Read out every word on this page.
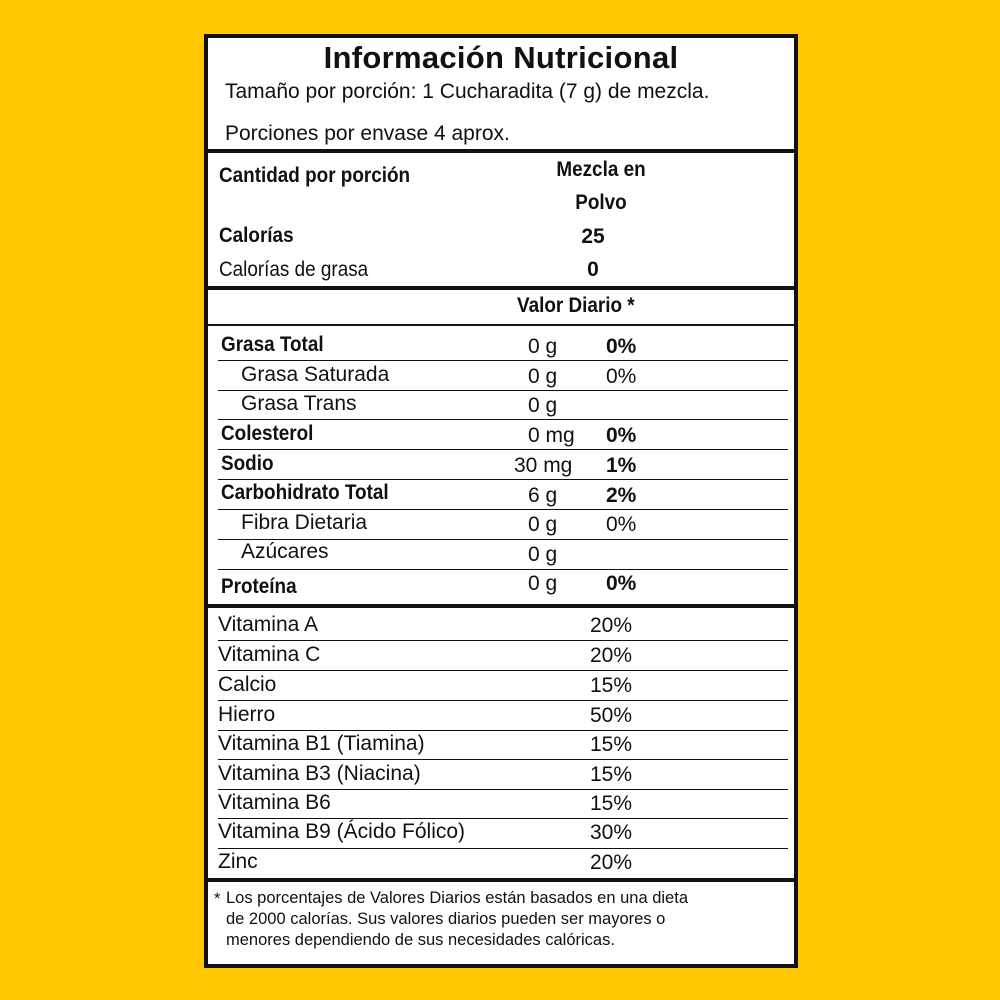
Información Nutricional
Tamaño por porción: 1 Cucharadita (7 g) de mezcla.
Porciones por envase 4 aprox.
Cantidad por porción	Mezcla en
Polvo
Calorías	25
Calorías de grasa	0
Valor Diario *
Grasa Total	0 g 0%
Grasa Saturada	0 g 0%
Grasa Trans	0 g
Colesterol	0 mg 0%
Sodio	30 mg 1%
Carbohidrato Total	6 g 2%
Fibra Dietaria	0 g 0%
Azúcares	0 g
Proteína	0 g 0%
Vitamina A	20%
Vitamina C	20%
Calcio	15%
Hierro	50%
Vitamina B1 (Tiamina)	15%
Vitamina B3 (Niacina)	15%
Vitamina B6	15%
Vitamina B9 (Ácido Fólico)	30%
Zinc	20%
* Los porcentajes de Valores Diarios están basados en una dieta
de 2000 calorías. Sus valores diarios pueden ser mayores o
menores dependiendo de sus necesidades calóricas.
